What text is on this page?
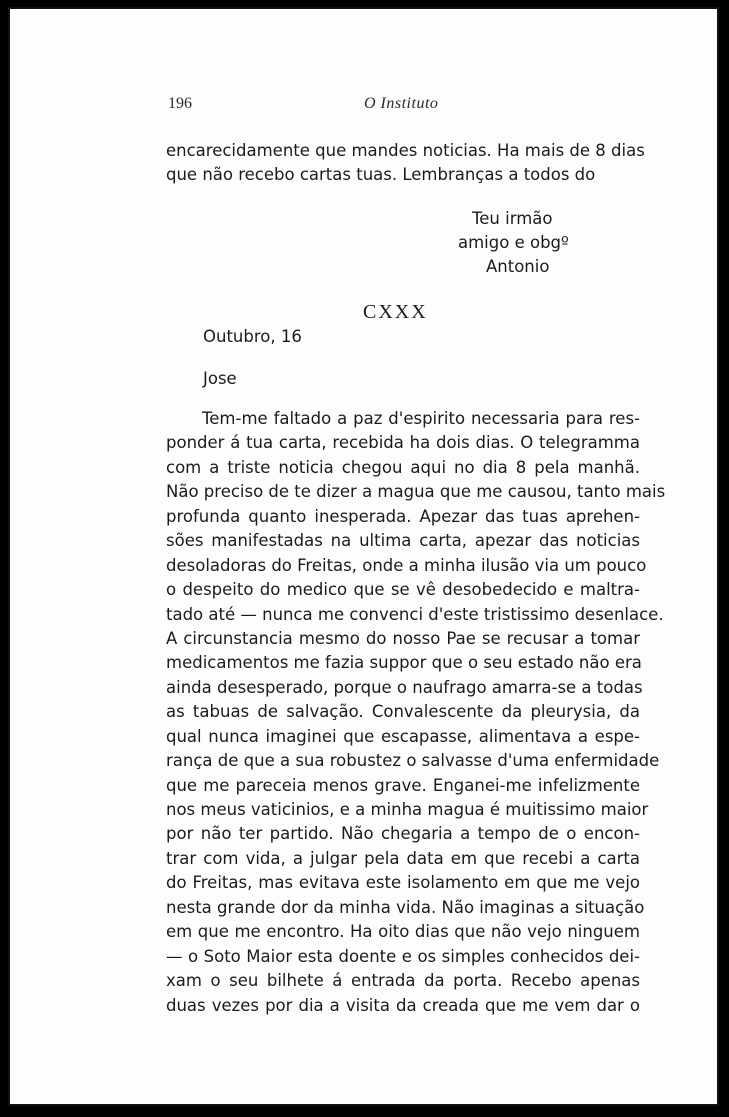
196	O Instituto
encarecidamente que mandes noticias. Ha mais de 8 dias
que não recebo cartas tuas. Lembranças a todos do
Teu irmão
amigo e obgº
Antonio
CXXX
Outubro, 16
Jose
Tem-me faltado a paz d'espirito necessaria para res-
ponder á tua carta, recebida ha dois dias. O telegramma
com a triste noticia chegou aqui no dia 8 pela manhã.
Não preciso de te dizer a magua que me causou, tanto mais
profunda quanto inesperada. Apezar das tuas aprehen-
sões manifestadas na ultima carta, apezar das noticias
desoladoras do Freitas, onde a minha ilusão via um pouco
o despeito do medico que se vê desobedecido e maltra-
tado até — nunca me convenci d'este tristissimo desenlace.
A circunstancia mesmo do nosso Pae se recusar a tomar
medicamentos me fazia suppor que o seu estado não era
ainda desesperado, porque o naufrago amarra-se a todas
as tabuas de salvação. Convalescente da pleurysia, da
qual nunca imaginei que escapasse, alimentava a espe-
rança de que a sua robustez o salvasse d'uma enfermidade
que me pareceia menos grave. Enganei-me infelizmente
nos meus vaticinios, e a minha magua é muitissimo maior
por não ter partido. Não chegaria a tempo de o encon-
trar com vida, a julgar pela data em que recebi a carta
do Freitas, mas evitava este isolamento em que me vejo
nesta grande dor da minha vida. Não imaginas a situação
em que me encontro. Ha oito dias que não vejo ninguem
— o Soto Maior esta doente e os simples conhecidos dei-
xam o seu bilhete á entrada da porta. Recebo apenas
duas vezes por dia a visita da creada que me vem dar o
